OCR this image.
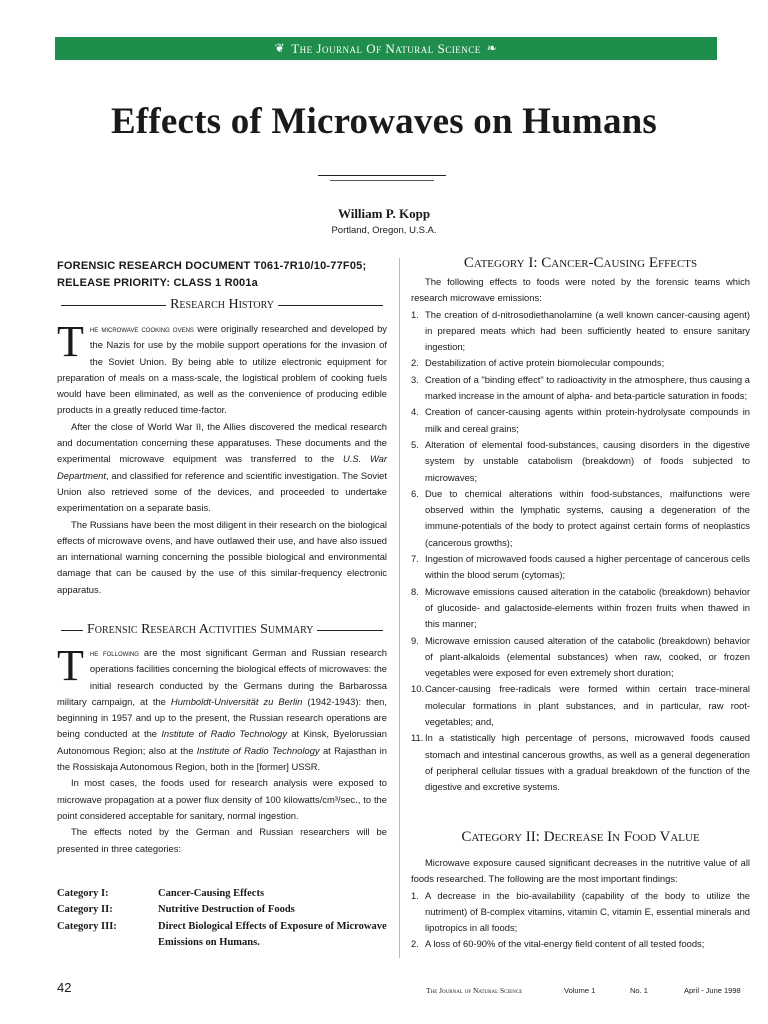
❦ The Journal Of Natural Science ❧
Effects of Microwaves on Humans
William P. Kopp
Portland, Oregon, U.S.A.
FORENSIC RESEARCH DOCUMENT T061-7R10/10-77F05; RELEASE PRIORITY: CLASS 1 R001a
Research History

The microwave cooking ovens were originally researched and developed by the Nazis for use by the mobile support operations for the invasion of the Soviet Union. By being able to utilize electronic equipment for preparation of meals on a mass-scale, the logistical problem of cooking fuels would have been eliminated, as well as the convenience of producing edible products in a greatly reduced time-factor.

After the close of World War II, the Allies discovered the medical research and documentation concerning these apparatuses. These documents and the experimental microwave equipment was transferred to the U.S. War Department, and classified for reference and scientific investigation. The Soviet Union also retrieved some of the devices, and proceeded to undertake experimentation on a separate basis.

The Russians have been the most diligent in their research on the biological effects of microwave ovens, and have outlawed their use, and have also issued an international warning concerning the possible biological and environmental damage that can be caused by the use of this similar-frequency electronic apparatus.

Forensic Research Activities Summary

The following are the most significant German and Russian research operations facilities concerning the biological effects of microwaves: the initial research conducted by the Germans during the Barbarossa military campaign, at the Humboldt-Universität zu Berlin (1942-1943): then, beginning in 1957 and up to the present, the Russian research operations are being conducted at the Institute of Radio Technology at Kinsk, Byelorussian Autonomous Region; also at the Institute of Radio Technology at Rajasthan in the Rossiskaja Autonomous Region, both in the [former] USSR.

In most cases, the foods used for research analysis were exposed to microwave propagation at a power flux density of 100 kilowatts/cm³/sec., to the point considered acceptable for sanitary, normal ingestion.

The effects noted by the German and Russian researchers will be presented in three categories:

Category I:	Cancer-Causing Effects
Category II:	Nutritive Destruction of Foods
Category III:	Direct Biological Effects of Exposure of Microwave Emissions on Humans.
Category I: Cancer-Causing Effects

The following effects to foods were noted by the forensic teams which research microwave emissions:

1. The creation of d-nitrosodiethanolamine (a well known cancer-causing agent) in prepared meats which had been sufficiently heated to ensure sanitary ingestion;
2. Destabilization of active protein biomolecular compounds;
3. Creation of a "binding effect" to radioactivity in the atmosphere, thus causing a marked increase in the amount of alpha- and beta-particle saturation in foods;
4. Creation of cancer-causing agents within protein-hydrolysate compounds in milk and cereal grains;
5. Alteration of elemental food-substances, causing disorders in the digestive system by unstable catabolism (breakdown) of foods subjected to microwaves;
6. Due to chemical alterations within food-substances, malfunctions were observed within the lymphatic systems, causing a degeneration of the immune-potentials of the body to protect against certain forms of neoplastics (cancerous growths);
7. Ingestion of microwaved foods caused a higher percentage of cancerous cells within the blood serum (cytomas);
8. Microwave emissions caused alteration in the catabolic (breakdown) behavior of glucoside- and galactoside-elements within frozen fruits when thawed in this manner;
9. Microwave emission caused alteration of the catabolic (breakdown) behavior of plant-alkaloids (elemental substances) when raw, cooked, or frozen vegetables were exposed for even extremely short duration;
10. Cancer-causing free-radicals were formed within certain trace-mineral molecular formations in plant substances, and in particular, raw root-vegetables; and,
11. In a statistically high percentage of persons, microwaved foods caused stomach and intestinal cancerous growths, as well as a general degeneration of peripheral cellular tissues with a gradual breakdown of the function of the digestive and excretive systems.
Category II: Decrease In Food Value

Microwave exposure caused significant decreases in the nutritive value of all foods researched. The following are the most important findings:

1. A decrease in the bio-availability (capability of the body to utilize the nutriment) of B-complex vitamins, vitamin C, vitamin E, essential minerals and lipotropics in all foods;
2. A loss of 60-90% of the vital-energy field content of all tested foods;
42	The Journal of Natural Science	Volume 1	No. 1	April - June 1998
